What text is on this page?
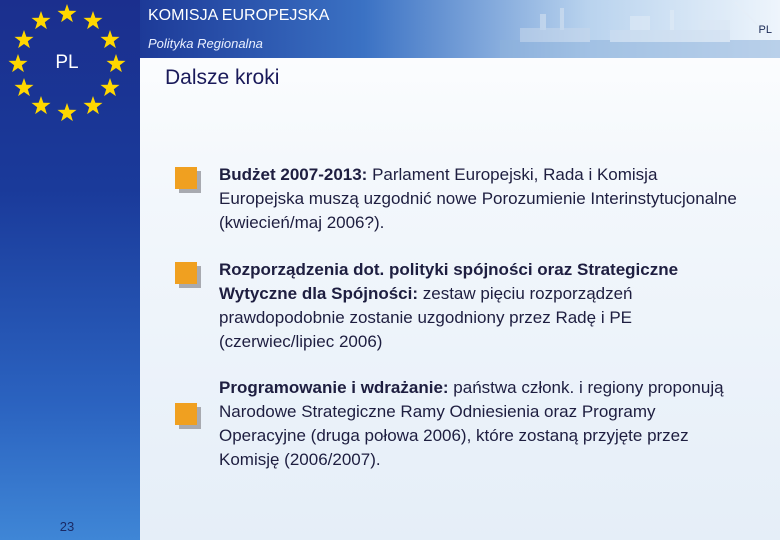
KOMISJA EUROPEJSKA
Polityka Regionalna
PL
PL
23
Dalsze kroki
Budżet 2007-2013: Parlament Europejski, Rada i Komisja Europejska muszą uzgodnić nowe Porozumienie Interinstytucjonalne (kwiecień/maj 2006?).
Rozporządzenia dot. polityki spójności oraz Strategiczne Wytyczne dla Spójności: zestaw pięciu rozporządzeń prawdopodobnie zostanie uzgodniony przez Radę i PE (czerwiec/lipiec 2006)
Programowanie i wdrażanie: państwa członk. i regiony proponują Narodowe Strategiczne Ramy Odniesienia oraz Programy Operacyjne (druga połowa 2006), które zostaną przyjęte przez Komisję (2006/2007).
